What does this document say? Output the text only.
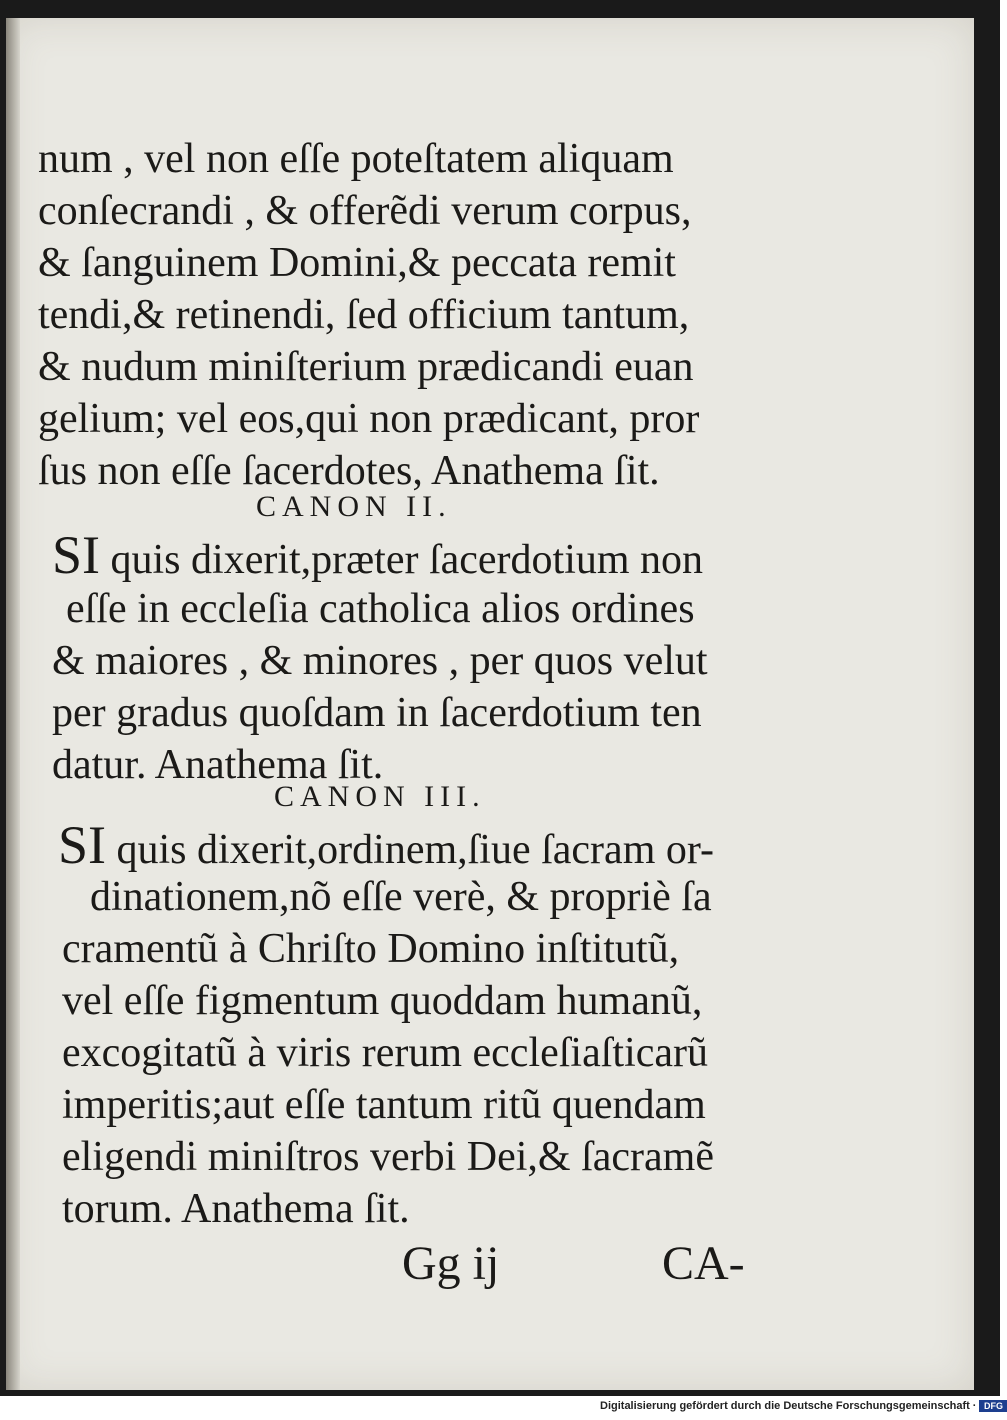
num , vel non eſſe poteſtatem aliquam
conſecrandi , & offerẽdi verum corpus,
& ſanguinem Domini,& peccata remit
tendi,& retinendi, ſed officium tantum,
& nudum miniſterium prædicandi euan
gelium; vel eos,qui non prædicant, pror
ſus non eſſe ſacerdotes, Anathema ſit.
CANON II.
SI quis dixerit,præter ſacerdotium non
eſſe in eccleſia catholica alios ordines
& maiores , & minores , per quos velut
per gradus quoſdam in ſacerdotium ten
datur. Anathema ſit.
CANON III.
SI quis dixerit,ordinem,ſiue ſacram or-
dinationem,nõ eſſe verè, & propriè ſa
cramentũ à Chriſto Domino inſtitutũ,
vel eſſe figmentum quoddam humanũ,
excogitatũ à viris rerum eccleſiaſticarũ
imperitis;aut eſſe tantum ritũ quendam
eligendi miniſtros verbi Dei,& ſacramẽ
torum. Anathema ſit.
Gg ij	CA-
Digitalisierung gefördert durch die Deutsche Forschungsgemeinschaft · DFG
